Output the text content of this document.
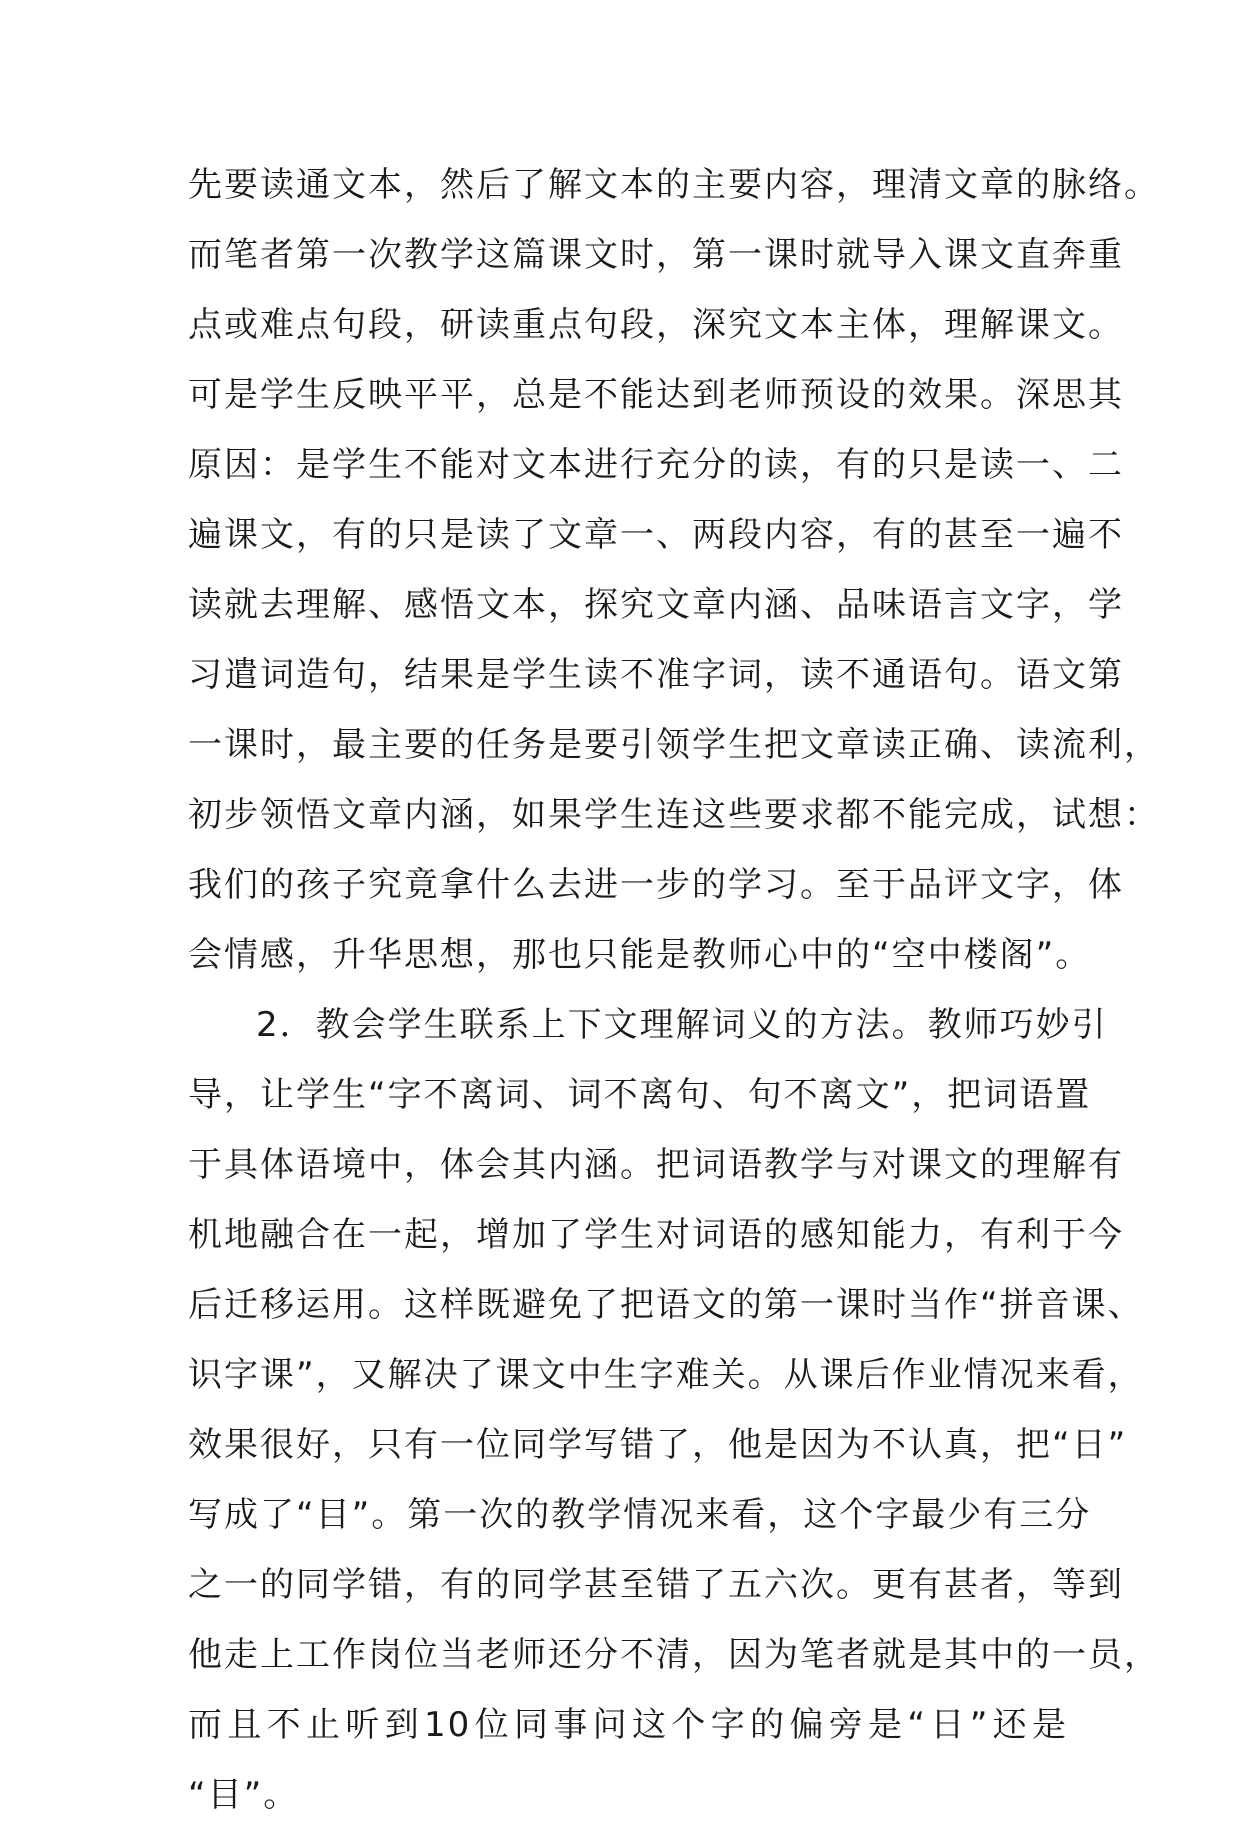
先要读通文本，然后了解文本的主要内容，理清文章的脉络。
而笔者第一次教学这篇课文时，第一课时就导入课文直奔重
点或难点句段，研读重点句段，深究文本主体，理解课文。
可是学生反映平平，总是不能达到老师预设的效果。深思其
原因：是学生不能对文本进行充分的读，有的只是读一、二
遍课文，有的只是读了文章一、两段内容，有的甚至一遍不
读就去理解、感悟文本，探究文章内涵、品味语言文字，学
习遣词造句，结果是学生读不准字词，读不通语句。语文第
一课时，最主要的任务是要引领学生把文章读正确、读流利，
初步领悟文章内涵，如果学生连这些要求都不能完成，试想：
我们的孩子究竟拿什么去进一步的学习。至于品评文字，体
会情感，升华思想，那也只能是教师心中的“空中楼阁”。
2．教会学生联系上下文理解词义的方法。教师巧妙引
导，让学生“字不离词、词不离句、句不离文”，把词语置
于具体语境中，体会其内涵。把词语教学与对课文的理解有
机地融合在一起，增加了学生对词语的感知能力，有利于今
后迁移运用。这样既避免了把语文的第一课时当作“拼音课、
识字课”，又解决了课文中生字难关。从课后作业情况来看，
效果很好，只有一位同学写错了，他是因为不认真，把“日”
写成了“目”。第一次的教学情况来看，这个字最少有三分
之一的同学错，有的同学甚至错了五六次。更有甚者，等到
他走上工作岗位当老师还分不清，因为笔者就是其中的一员，
而且不止听到10位同事问这个字的偏旁是“日”还是
“目”。
